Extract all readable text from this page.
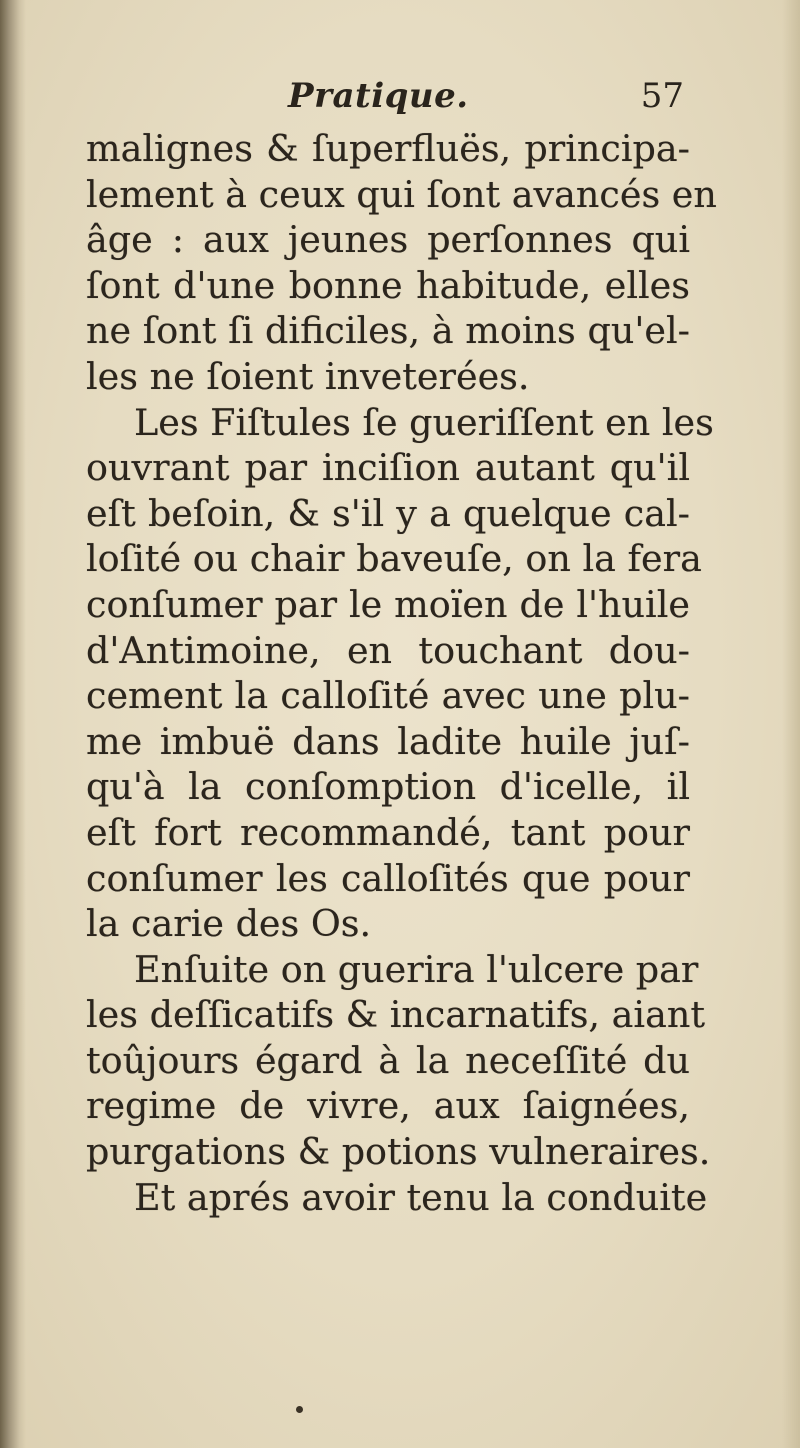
Pratique.	57
malignes & ſuperfluës, principa-
lement à ceux qui ſont avancés en
âge : aux jeunes perſonnes qui
ſont d'une bonne habitude, elles
ne ſont ſi dificiles, à moins qu'el-
les ne ſoient inveterées.
Les Fiſtules ſe gueriſſent en les
ouvrant par inciſion autant qu'il
eſt beſoin, & s'il y a quelque cal-
loſité ou chair baveuſe, on la fera
conſumer par le moïen de l'huile
d'Antimoine, en touchant dou-
cement la calloſité avec une plu-
me imbuë dans ladite huile juſ-
qu'à la conſomption d'icelle, il
eſt fort recommandé, tant pour
conſumer les calloſités que pour
la carie des Os.
Enſuite on guerira l'ulcere par
les deſſicatifs & incarnatifs, aiant
toûjours égard à la neceſſité du
regime de vivre, aux ſaignées,
purgations & potions vulneraires.
Et aprés avoir tenu la conduite
